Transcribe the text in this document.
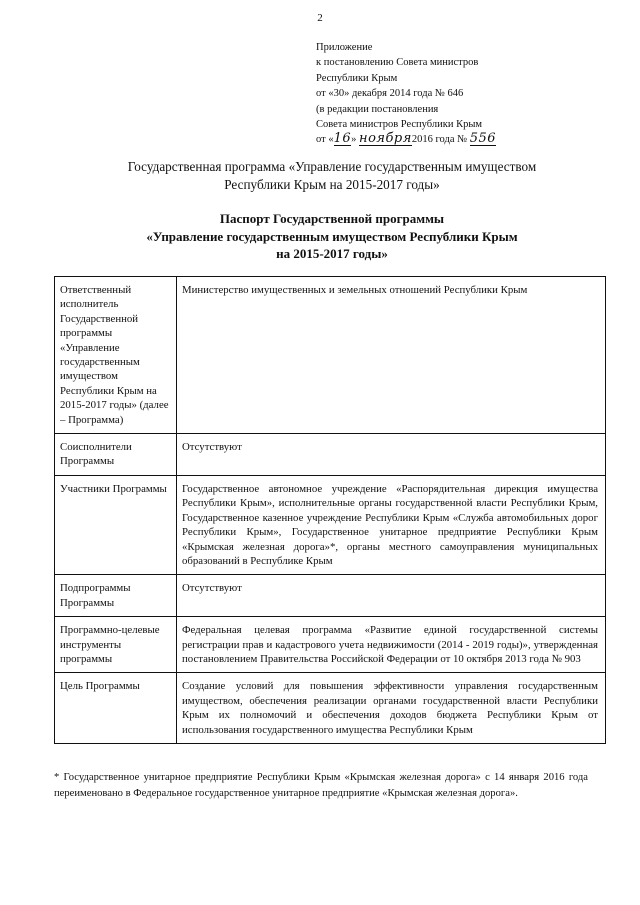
2
Приложение
к постановлению Совета министров
Республики Крым
от «30» декабря 2014 года № 646
(в редакции постановления
Совета министров Республики Крым
от «16» ноября2016 года № 556
Государственная программа «Управление государственным имуществом
Республики Крым на 2015-2017 годы»
Паспорт Государственной программы
«Управление государственным имуществом Республики Крым
на 2015-2017 годы»
Ответственный исполнитель Государственной программы «Управление государственным имуществом Республики Крым на 2015-2017 годы» (далее – Программа)	Министерство имущественных и земельных отношений Республики Крым
Соисполнители Программы	Отсутствуют
Участники Программы	Государственное автономное учреждение «Распорядительная дирекция имущества Республики Крым», исполнительные органы государственной власти Республики Крым, Государственное казенное учреждение Республики Крым «Служба автомобильных дорог Республики Крым», Государственное унитарное предприятие Республики Крым «Крымская железная дорога»*, органы местного самоуправления муниципальных образований в Республике Крым
Подпрограммы Программы	Отсутствуют
Программно-целевые инструменты программы	Федеральная целевая программа «Развитие единой государственной системы регистрации прав и кадастрового учета недвижимости (2014 - 2019 годы)», утвержденная постановлением Правительства Российской Федерации от 10 октября 2013 года № 903
Цель Программы	Создание условий для повышения эффективности управления государственным имуществом, обеспечения реализации органами государственной власти Республики Крым их полномочий и обеспечения доходов бюджета Республики Крым от использования государственного имущества Республики Крым
* Государственное унитарное предприятие Республики Крым «Крымская железная дорога» с 14 января 2016 года переименовано в Федеральное государственное унитарное предприятие «Крымская железная дорога».
